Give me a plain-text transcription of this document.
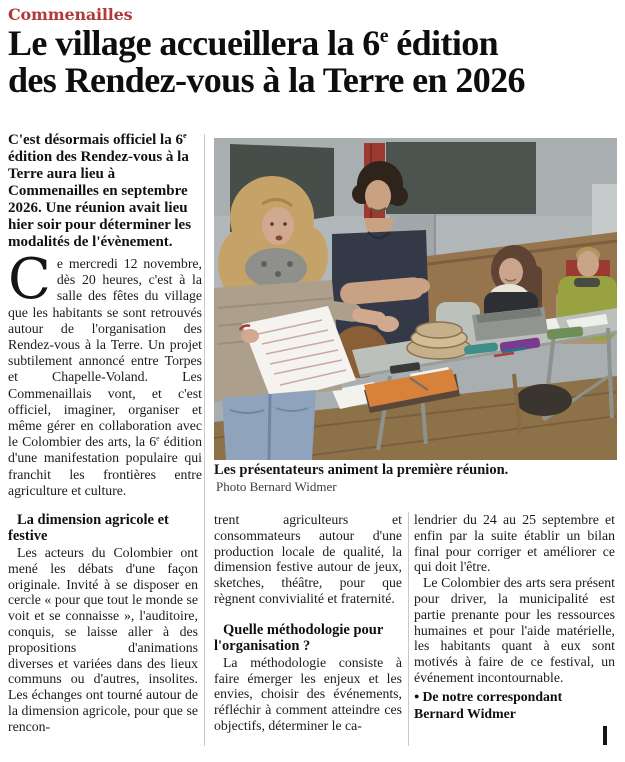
Commenailles
Le village accueillera la 6e édition
des Rendez-vous à la Terre en 2026
C'est désormais officiel la 6e édition des Rendez-vous à la Terre aura lieu à Commenailles en septembre 2026. Une réunion avait lieu hier soir pour déterminer les modalités de l'évènement.
Ce mercredi 12 novembre, dès 20 heures, c'est à la salle des fêtes du village que les habitants se sont retrouvés autour de l'organisation des Rendez-vous à la Terre. Un projet subtilement annoncé entre Torpes et Chapelle-Voland. Les Commenaillais vont, et c'est officiel, imaginer, organiser et même gérer en collaboration avec le Colombier des arts, la 6e édition d'une manifestation populaire qui franchit les frontières entre agriculture et culture.
Les présentateurs animent la première réunion.
Photo Bernard Widmer
La dimension agricole et festive

Les acteurs du Colombier ont mené les débats d'une façon originale. Invité à se disposer en cercle « pour que tout le monde se voit et se connaisse », l'auditoire, conquis, se laisse aller à des propositions d'animations diverses et variées dans des lieux communs ou d'autres, insolites. Les échanges ont tourné autour de la dimension agricole, pour que se rencon-

trent agriculteurs et consommateurs autour d'une production locale de qualité, la dimension festive autour de jeux, sketches, théâtre, pour que règnent convivialité et fraternité.

Quelle méthodologie pour l'organisation ?

La méthodologie consiste à faire émerger les enjeux et les envies, choisir des événements, réfléchir à comment atteindre ces objectifs, déterminer le ca-

lendrier du 24 au 25 septembre et enfin par la suite établir un bilan final pour corriger et améliorer ce qui doit l'être.

Le Colombier des arts sera présent pour driver, la municipalité est partie prenante pour les ressources humaines et pour l'aide matérielle, les habitants quant à eux sont motivés à faire de ce festival, un événement incontournable.

● De notre correspondant
Bernard Widmer
